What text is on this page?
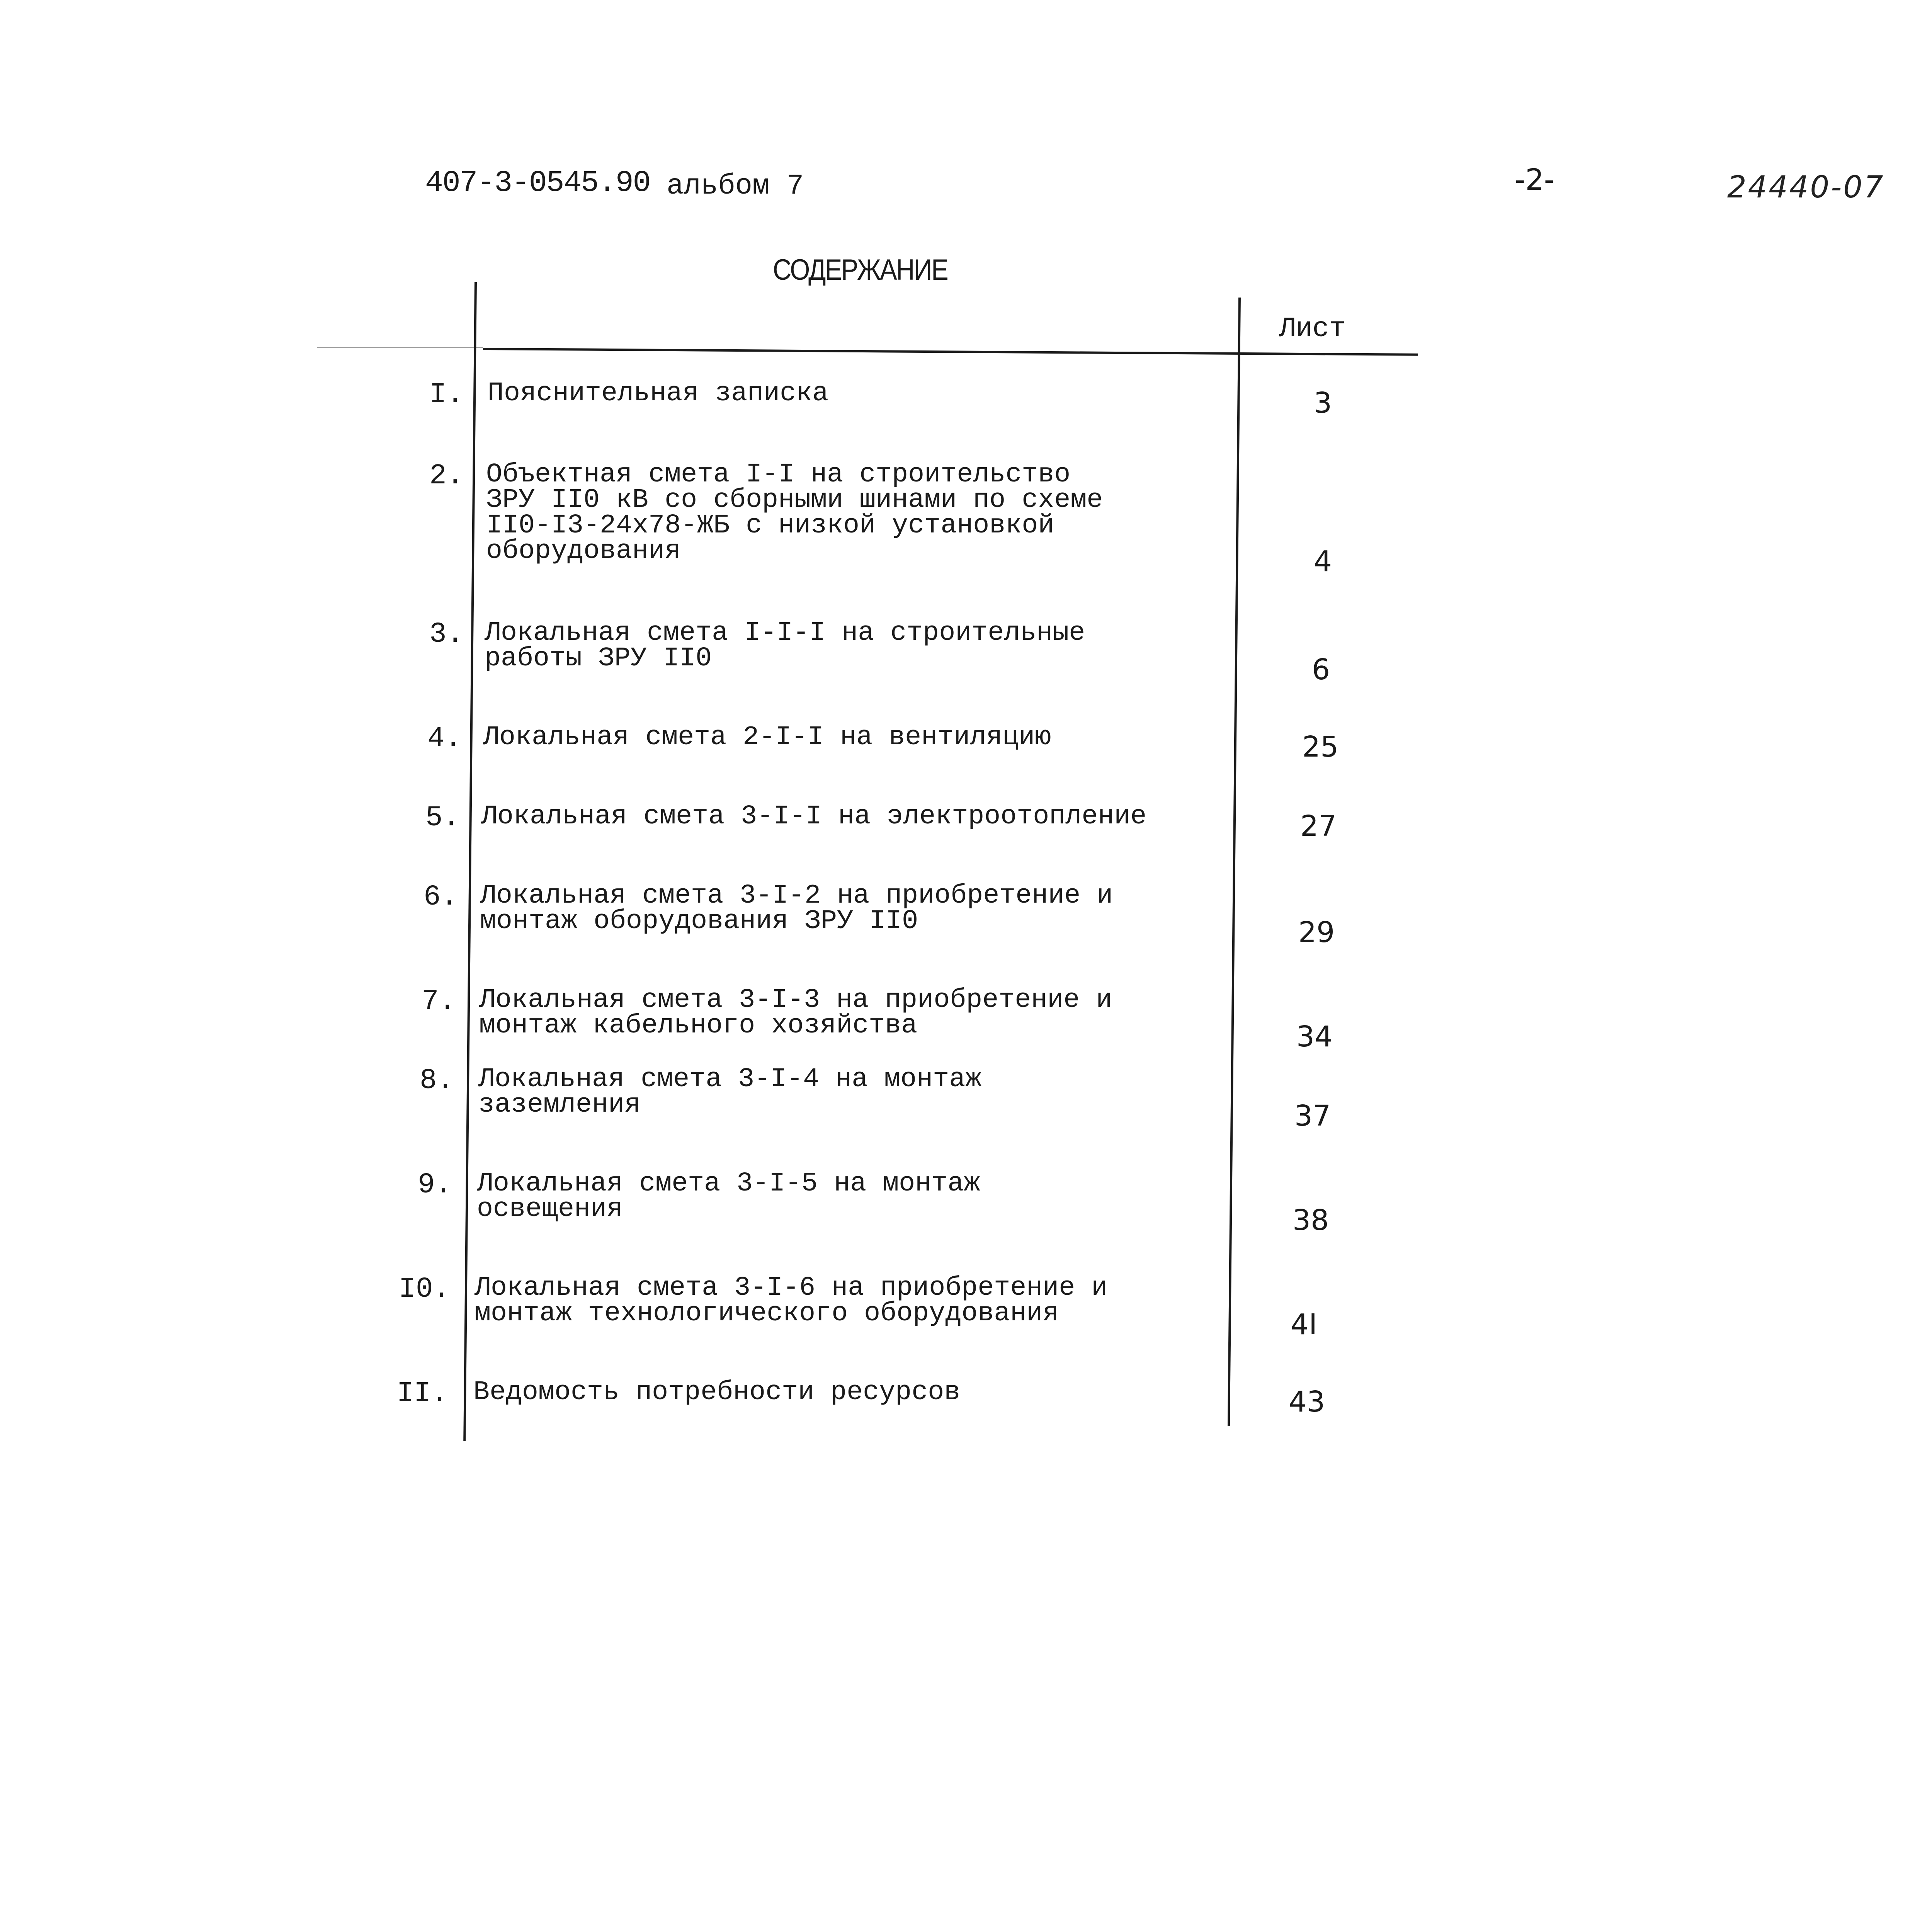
407-3-0545.90 альбом 7	-2-	24440-07
СОДЕРЖАНИЕ
Лист
I. Пояснительная записка	3
2. Объектная смета I-I на строительство
ЗРУ II0 кВ со сборными шинами по схеме
II0-I3-24х78-ЖБ с низкой установкой
оборудования	4
3. Локальная смета I-I-I на строительные
работы ЗРУ II0	6
4. Локальная смета 2-I-I на вентиляцию	25
5. Локальная смета 3-I-I на электроотопление	27
6. Локальная смета 3-I-2 на приобретение и
монтаж оборудования ЗРУ II0	29
7. Локальная смета 3-I-3 на приобретение и
монтаж кабельного хозяйства	34
8. Локальная смета 3-I-4 на монтаж
заземления	37
9. Локальная смета 3-I-5 на монтаж
освещения	38
I0. Локальная смета 3-I-6 на приобретение и
монтаж технологического оборудования	4I
II. Ведомость потребности ресурсов	43
